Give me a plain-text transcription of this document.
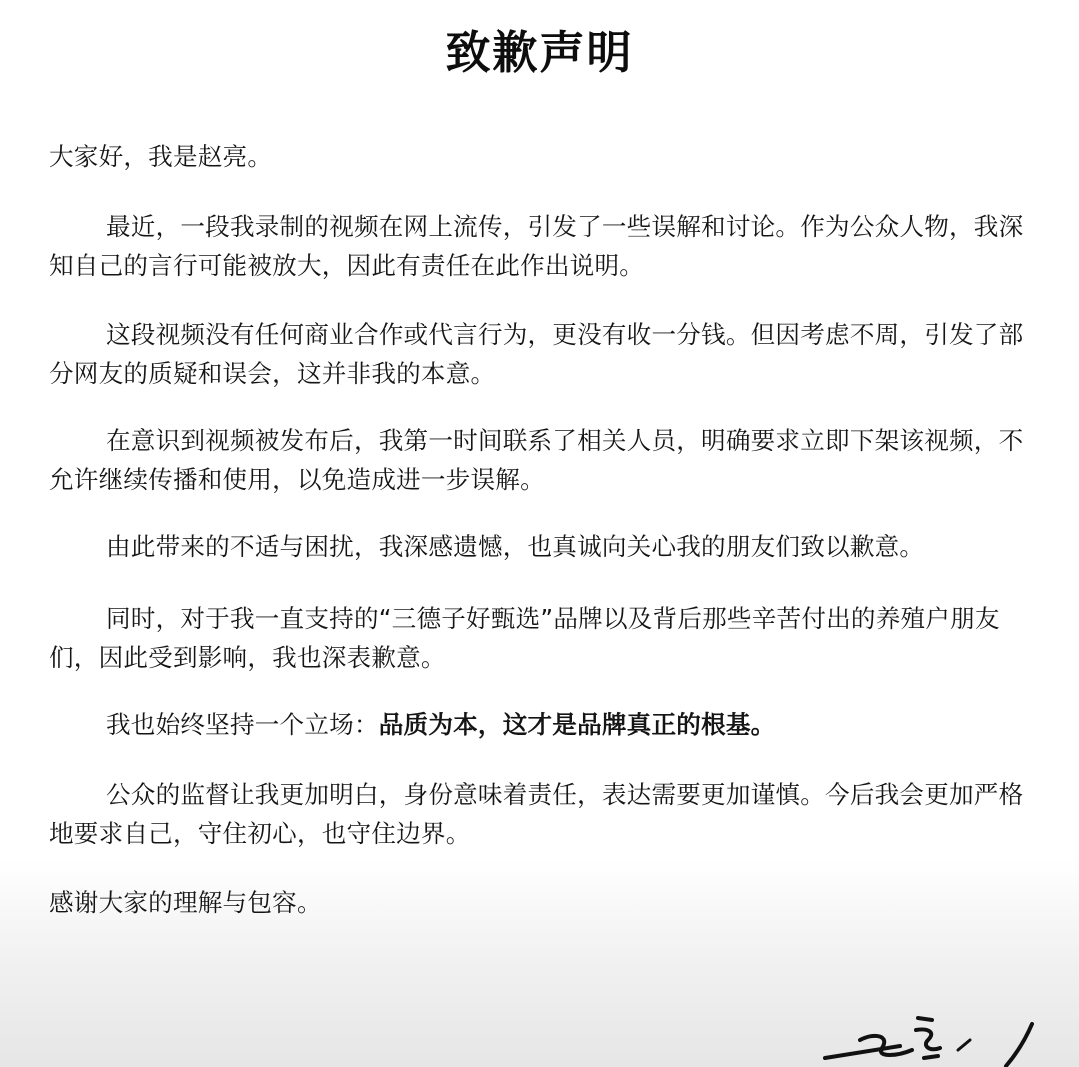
致歉声明

大家好，我是赵亮。

最近，一段我录制的视频在网上流传，引发了一些误解和讨论。作为公众人物，我深知自己的言行可能被放大，因此有责任在此作出说明。

这段视频没有任何商业合作或代言行为，更没有收一分钱。但因考虑不周，引发了部分网友的质疑和误会，这并非我的本意。

在意识到视频被发布后，我第一时间联系了相关人员，明确要求立即下架该视频，不允许继续传播和使用，以免造成进一步误解。

由此带来的不适与困扰，我深感遗憾，也真诚向关心我的朋友们致以歉意。

同时，对于我一直支持的“三德子好甄选”品牌以及背后那些辛苦付出的养殖户朋友们，因此受到影响，我也深表歉意。

我也始终坚持一个立场：品质为本，这才是品牌真正的根基。

公众的监督让我更加明白，身份意味着责任，表达需要更加谨慎。今后我会更加严格地要求自己，守住初心，也守住边界。

感谢大家的理解与包容。
